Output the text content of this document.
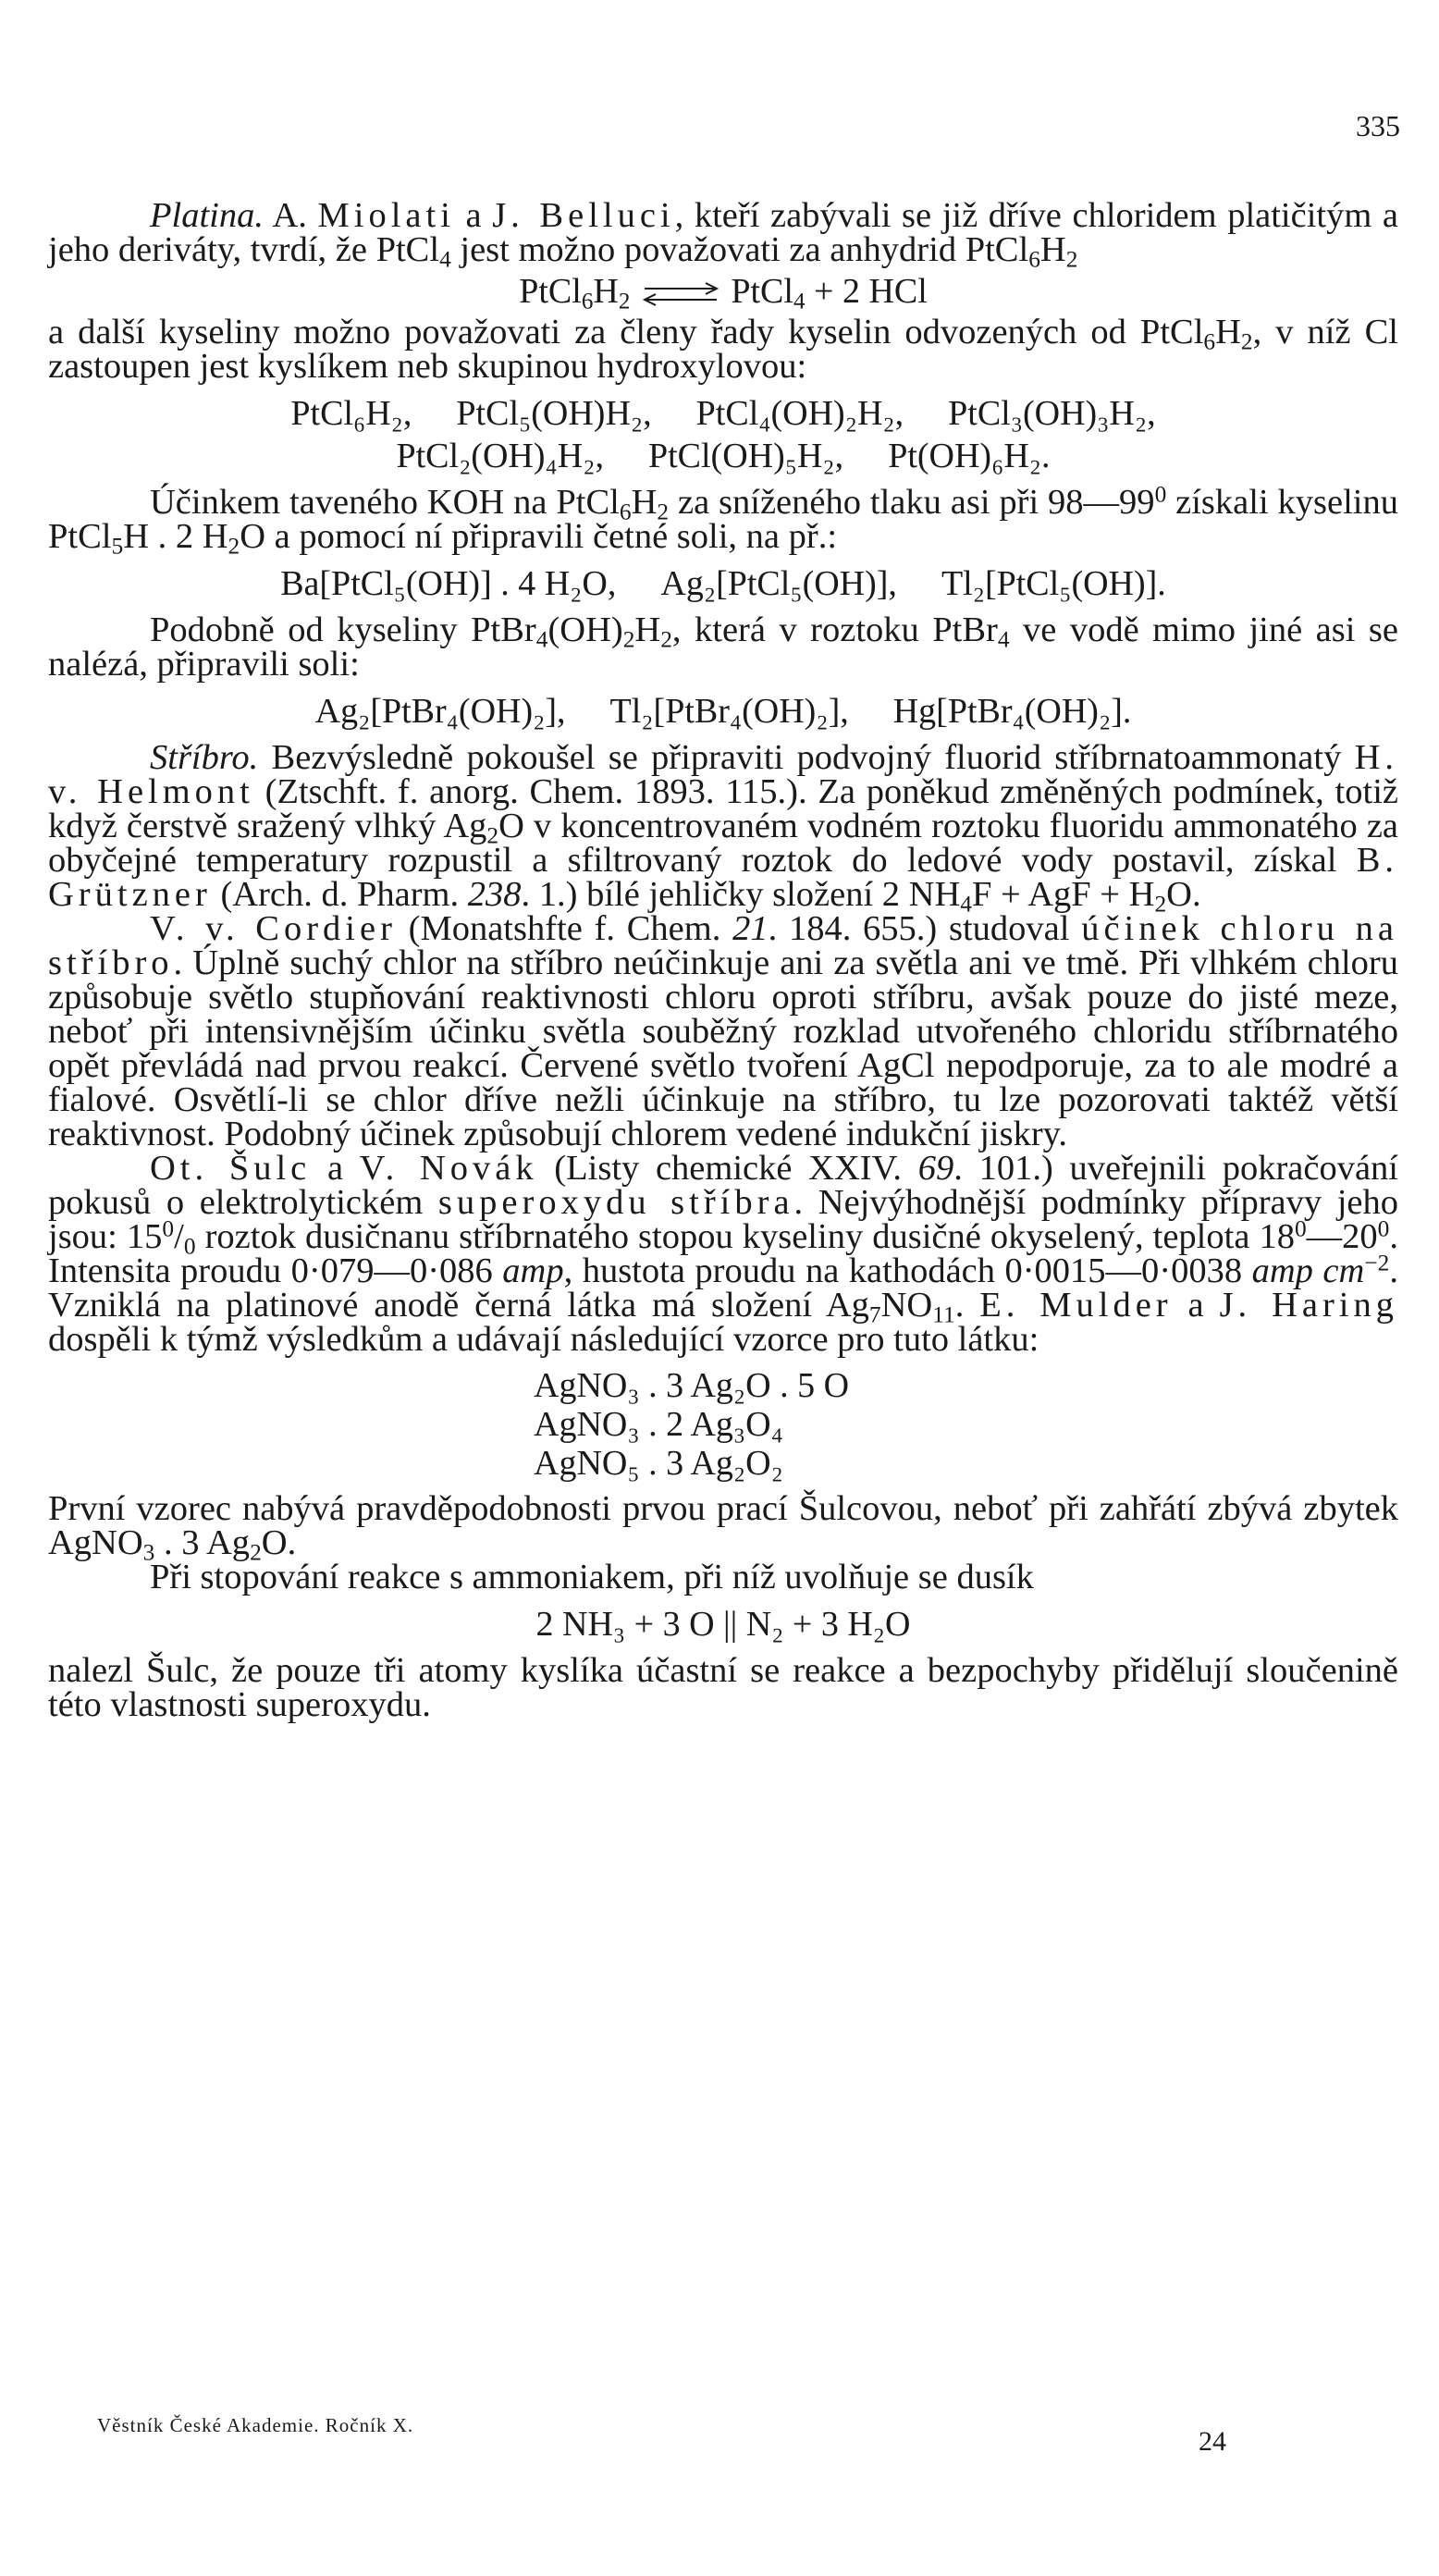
335

Platina. A. Miolati a J. Belluci, kteří zabývali se již dříve chloridem platičitým a jeho deriváty, tvrdí, že PtCl$_4$ jest možno považovati za anhydrid $PtCl_6H_2$

$PtCl_6H_2$ ⇌ PtCl$_4$ + 2 HCl

a další kyseliny možno považovati za členy řady kyselin odvozených od $PtCl_6H_2$, v níž Cl zastoupen jest kyslíkem neb skupinou hydroxylovou:

PtCl₆H₂, PtCl₅(OH)H₂, PtCl₄(OH)₂H₂, PtCl₃(OH)₃H₂,

PtCl₂(OH)₄H₂, PtCl(OH)₅H₂, Pt(OH)₆H₂.

Účinkem taveného KOH na $PtCl_6H_2$ za sníženého tlaku asi při $98—99^0$ získali kyselinu PtCl$_5$H . 2 $H_2O$ a pomocí ní připravili četné soli, na př.:

Ba[PtCl₅(OH)] . 4 H₂O, Ag₂[PtCl₅(OH)], Tl₂[PtCl₅(OH)].

Podobně od kyseliny $PtBr_4(OH)_2H_2$, která v roztoku PtBr$_4$ ve vodě mimo jiné asi se nalézá, připravili soli:

Ag₂[PtBr₄(OH)₂], Tl₂[PtBr₄(OH)₂], Hg[PtBr₄(OH)₂].

Stříbro. Bezvýsledně pokoušel se připraviti podvojný fluorid stříbrnatoammonatý H. v. Helmont (Ztschft. f. anorg. Chem. 1893. 115.). Za poněkud změněných podmínek, totiž když čerstvě sražený vlhký $Ag_2O$ v koncentrovaném vodném roztoku fluoridu ammonatého za obyčejné temperatury rozpustil a sfiltrovaný roztok do ledové vody postavil, získal B. Grützner (Arch. d. Pharm. 238. 1.) bílé jehličky složení 2 $NH_4F$ + AgF + $H_2O$.

V. v. Cordier (Monatshfte f. Chem. 21. 184. 655.) studoval účinek chloru na stříbro. Úplně suchý chlor na stříbro neúčinkuje ani za světla ani ve tmě. Při vlhkém chloru způsobuje světlo stupňování reaktivnosti chloru oproti stříbru, avšak pouze do jisté meze, neboť při intensivnějším účinku světla souběžný rozklad utvořeného chloridu stříbrnatého opět převládá nad prvou reakcí. Červené světlo tvoření AgCl nepodporuje, za to ale modré a fialové. Osvětlí-li se chlor dříve nežli účinkuje na stříbro, tu lze pozorovati taktéž větší reaktivnost. Podobný účinek způsobují chlorem vedené indukční jiskry.

Ot. Šulc a V. Novák (Listy chemické XXIV. 69. 101.) uveřejnili pokračování pokusů o elektrolytickém superoxydu stříbra. Nejvýhodnější podmínky přípravy jeho jsou: $15^0/_0$ roztok dusičnanu stříbrnatého stopou kyseliny dusičné okyselený, teplota $18^0—20^0$. Intensita proudu 0·079—0·086 amp, hustota proudu na kathodách 0·0015—0·0038 amp $cm^{-2}$. Vzniklá na platinové anodě černá látka má složení $Ag_7NO_{11}$. E. Mulder a J. Haring dospěli k týmž výsledkům a udávají následující vzorce pro tuto látku:

AgNO₃ . 3 Ag₂O . 5 O
AgNO₃ . 2 Ag₃O₄
AgNO₅ . 3 Ag₂O₂

První vzorec nabývá pravděpodobnosti prvou prací Šulcovou, neboť při zahřátí zbývá zbytek AgNO$_3$ . 3 $Ag_2O$.

Při stopování reakce s ammoniakem, při níž uvolňuje se dusík

2 NH₃ + 3 O || N₂ + 3 H₂O

nalezl Šulc, že pouze tři atomy kyslíka účastní se reakce a bezpochyby přidělují sloučenině této vlastnosti superoxydu.

Věstník České Akademie. Ročník X.
24
